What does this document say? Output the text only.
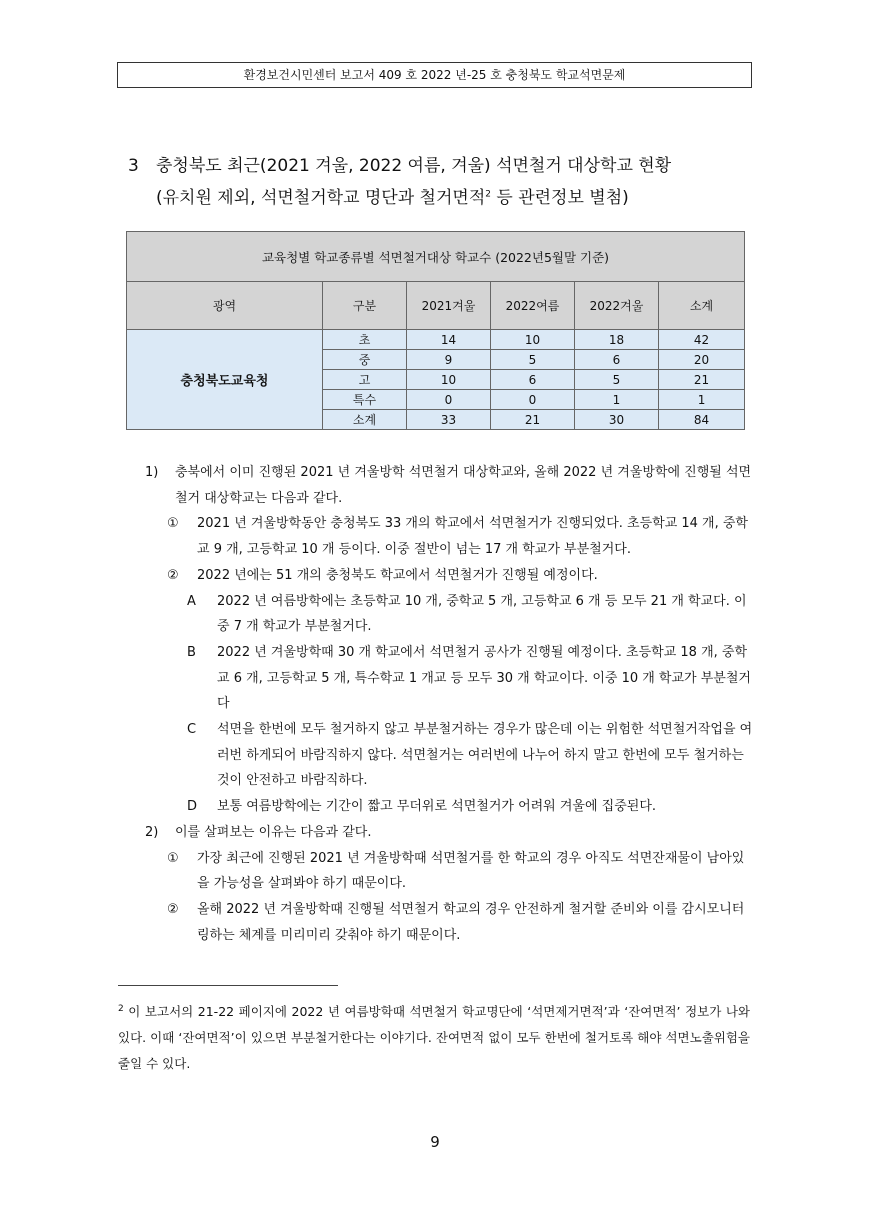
환경보건시민센터 보고서 409 호 2022 년-25 호 충청북도 학교석면문제
3 충청북도 최근(2021 겨울, 2022 여름, 겨울) 석면철거 대상학교 현황
(유치원 제외, 석면철거학교 명단과 철거면적$^2$ 등 관련정보 별첨)
교육청별 학교종류별 석면철거대상 학교수 (2022년5월말 기준)					
광역	구분	2021겨울	2022여름	2022겨울	소계
충청북도교육청	초	14	10	18	42
	중	9	5	6	20
	고	10	6	5	21
	특수	0	0	1	1
	소계	33	21	30	84
1)	충북에서 이미 진행된 2021 년 겨울방학 석면철거 대상학교와, 올해 2022 년 겨울방학에 진행될 석면철거 대상학교는 다음과 같다.
①	2021 년 겨울방학동안 충청북도 33 개의 학교에서 석면철거가 진행되었다. 초등학교 14 개, 중학교 9 개, 고등학교 10 개 등이다. 이중 절반이 넘는 17 개 학교가 부분철거다.
②	2022 년에는 51 개의 충청북도 학교에서 석면철거가 진행될 예정이다.
A	2022 년 여름방학에는 초등학교 10 개, 중학교 5 개, 고등학교 6 개 등 모두 21 개 학교다. 이중 7 개 학교가 부분철거다.
B	2022 년 겨울방학때 30 개 학교에서 석면철거 공사가 진행될 예정이다. 초등학교 18 개, 중학교 6 개, 고등학교 5 개, 특수학교 1 개교 등 모두 30 개 학교이다. 이중 10 개 학교가 부분철거다
C	석면을 한번에 모두 철거하지 않고 부분철거하는 경우가 많은데 이는 위험한 석면철거작업을 여러번 하게되어 바람직하지 않다. 석면철거는 여러번에 나누어 하지 말고 한번에 모두 철거하는 것이 안전하고 바람직하다.
D	보통 여름방학에는 기간이 짧고 무더위로 석면철거가 어려워 겨울에 집중된다.
2)	이를 살펴보는 이유는 다음과 같다.
①	가장 최근에 진행된 2021 년 겨울방학때 석면철거를 한 학교의 경우 아직도 석면잔재물이 남아있을 가능성을 살펴봐야 하기 때문이다.
②	올해 2022 년 겨울방학때 진행될 석면철거 학교의 경우 안전하게 철거할 준비와 이를 감시모니터링하는 체계를 미리미리 갖춰야 하기 때문이다.
$^2$ 이 보고서의 21-22 페이지에 2022 년 여름방학때 석면철거 학교명단에 ‘석면제거면적’과 ‘잔여면적’ 정보가 나와있다. 이때 ‘잔여면적’이 있으면 부분철거한다는 이야기다. 잔여면적 없이 모두 한번에 철거토록 해야 석면노출위험을 줄일 수 있다.
9
